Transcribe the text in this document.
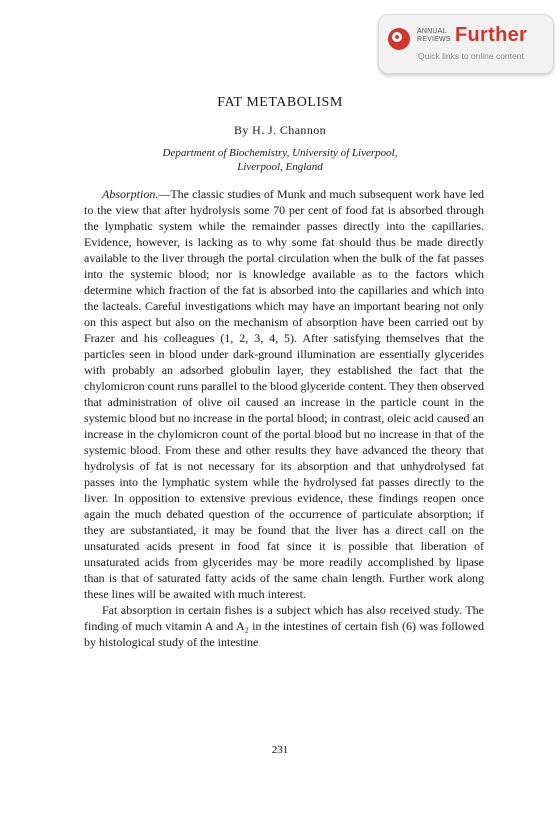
ANNUAL
REVIEWS Further
Quick links to online content
FAT METABOLISM
By H. J. Channon
Department of Biochemistry, University of Liverpool,
Liverpool, England

Absorption.—The classic studies of Munk and much subsequent work have led to the view that after hydrolysis some 70 per cent of food fat is absorbed through the lymphatic system while the remainder passes directly into the capillaries. Evidence, however, is lacking as to why some fat should thus be made directly available to the liver through the portal circulation when the bulk of the fat passes into the systemic blood; nor is knowledge available as to the factors which determine which fraction of the fat is absorbed into the capillaries and which into the lacteals. Careful investigations which may have an important bearing not only on this aspect but also on the mechanism of absorption have been carried out by Frazer and his colleagues (1, 2, 3, 4, 5). After satisfying themselves that the particles seen in blood under dark-ground illumination are essentially glycerides with probably an adsorbed globulin layer, they established the fact that the chylomicron count runs parallel to the blood glyceride content. They then observed that administration of olive oil caused an increase in the particle count in the systemic blood but no increase in the portal blood; in contrast, oleic acid caused an increase in the chylomicron count of the portal blood but no increase in that of the systemic blood. From these and other results they have advanced the theory that hydrolysis of fat is not necessary for its absorption and that unhydrolysed fat passes into the lymphatic system while the hydrolysed fat passes directly to the liver. In opposition to extensive previous evidence, these findings reopen once again the much debated question of the occurrence of particulate absorption; if they are substantiated, it may be found that the liver has a direct call on the unsaturated acids present in food fat since it is possible that liberation of unsaturated acids from glycerides may be more readily accomplished by lipase than is that of saturated fatty acids of the same chain length. Further work along these lines will be awaited with much interest.

Fat absorption in certain fishes is a subject which has also received study. The finding of much vitamin A and A₂ in the intestines of certain fish (6) was followed by histological study of the intestine

231
